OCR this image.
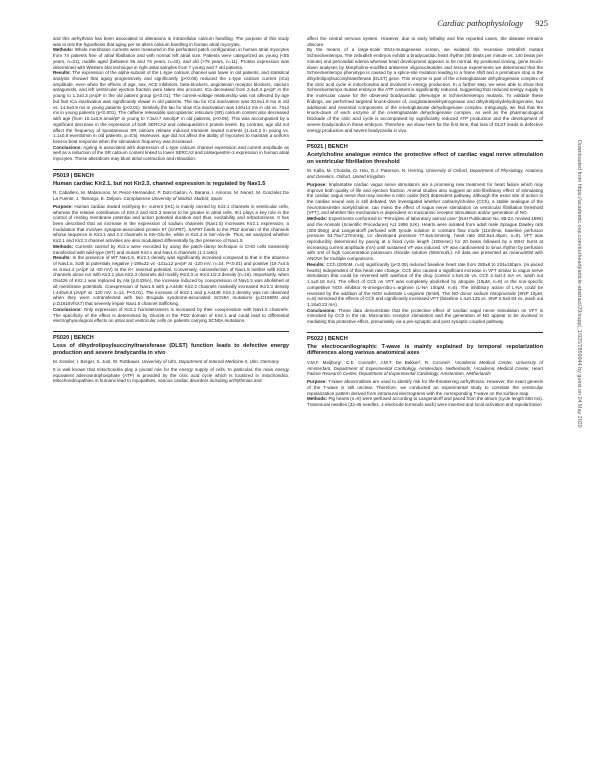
Cardiac pathophysiology 925
Downloaded from https://academic.oup.com/eurheartj/article-abstract/29/suppl_1/925/2859944 by guest on 24 May 2020

and this arrhythmia has been associated to alterations in intracellular calcium handling. The purpose of this study was to test the hypothesis that aging per se alters calcium handling in human atrial myocytes.

Methods: Whole membrane currents were measured in the perforated patch configuration in human atrial myocytes from 74 patients free of atrial fibrillation and with normal left atrial size. Patients were categorized as young (<55 years, n=21), middle aged (between 55 and 75 years, n=42), and old (>75 years, n=11). Protein expression was determined with Western blot technique in right atrial samples from 7 young and 7 old patients.

Results: The expression of the alpha-subunit of the L-type calcium channel was lower in old patients, and statistical analysis showed that aging progressively and significantly (p<0.05) reduced the L-type calcium current (ICa) amplitude, even when the effects of age, sex, ACE inhibitors, beta-blockers, angiotensin receptor blockers, calcium antagonists, and left ventricular ejection fraction were taken into account. ICa decreased from 2.4±0.3 pA/pF in the young to 1.2±0.3 pA/pF in the old patient group (p<0.01). The current-voltage relationship was not affected by age but fast ICa inactivation was significantly slower in old patients. The tau for ICa inactivation was 20.9±1.9 ms in old vs. 14.5±0.9 ms in young patients (p<0.01). Similarly the tau for slow ICa inactivation was 130±12 ms in old vs. 73±3 ms in young patients (p<0.001). The caffeine releasable sarcoplasmic reticulum (SR) calcium content also decreased with age (from 10.1±0.8 amol/pF in young to 7.3±0.7 amol/pF in old patients, p<0.05). This was accompanied by a significant decrease in the expression of both SERCA2 and calsequestrin-2 protein levels. By contrast, age did not affect the frequency of spontaneous SR calcium release induced transient inward currents (1.4±0.3 in young vs. 1.1±0.8 events/min in old patients, p=0.5). Moreover, age did not affect the ability of myocytes to maintain a uniform beat-to-beat response when the stimulation frequency was increased.

Conclusions: Ageing is associated with depression of L-type calcium channel expression and current amplitude as well as a reduction of the SR calcium content linked to lower SERCA2 and calsequestrin-2 expression in human atrial myocytes. These alterations may blunt atrial contraction and relaxation.

P5019 | BENCH
Human cardiac Kir2.1, but not Kir2.3, channel expression is regulated by Nav1.5

R. Caballero, M. Matamoros, M. Perez-Hernandez, P. Dolz-Gaiton, A. Barana, I. Amoros, M. Nunez, M. Gonzalez De La Fuente, J. Tamargo, E. Delpon. Complutense University of Madrid, Madrid, Spain

Purpose: Human cardiac inward rectifying K+ current (IK1) is mainly carried by Kir2.1 channels in ventricular cells, whereas the relative contribution of Kir2.2 and Kir2.3 seems to be greater in atrial cells. IK1 plays a key role in the control of resting membrane potential and action potential duration and thus, excitability and refractoriness. It has been described that an increase in the expression of sodium channels (Nav1.5) increases Kir2.1 expression, a modulation that involves synapse-associated protein 97 (SAP97). SAP97 binds to the PDZ domain of the channels whose sequence in Kir2.1 and 2.2 channels is Ser-Glu-Ile, while in Kir2.3 is Ser-Ala-Ile. Thus, we analyzed whether Kir2.1 and Kir2.3 channel activities are also modulated differentially by the presence of Nav1.5.

Methods: Currents carried by Kir2.x were recorded by using the patch-clamp technique in CHO cells transiently transfected with wild-type (WT) and mutant Kir2.x and Nav1.5 channels (1:1 ratio).

Results: In the presence of WT Nav1.5, IKir2.1 density was significantly increased compared to that in the absence of Nav1.5, both at potentials negative (-199±22 vs -121±12 pA/pF at -120 mV, n=24, P<0.01) and positive (19.7±4.5 vs 8.8±1.2 pA/pF at -50 mV) to the K+ reversal potential. Conversely, cotransfection of Nav1.5 neither with Kir2.3 channels alone nor with Kir2.1 plus Kir2.3 channels did modify IKir2.3 or IKir2.1/2.3 density (n=16). Importantly, when Glu426 of Kir2.1 was replaced by Ala (p.E426A), the increase induced by coexpression of Nav1.5 was abolished at all membrane potentials. Coexpression of Nav1.5 with p.A444E Kir2.3 channels markedly increased IKir2.3 density (-440±5.8 pA/pF at -120 mV, n=12, P<0.01). The increase of IKir2.1 and p.A444E Kir2.3 density was not observed when they were cotransfected with two Brugada syndrome-associated SCN5A mutations (p.D1690N and p.D1816VfsX7) that severely impair Nav1.5 channel trafficking.

Conclusions: Only expression of Kir2.1 homotetramers is increased by their coexpression with Nav1.5 channels. The specificity of the effect is determined by Glu426 in the PDZ domain of Kir2.1 and could lead to differential electrophysiological effects on atrial and ventricular cells on patients carrying SCN5A mutations.

P5020 | BENCH
Loss of dihydrolipoylsuccinyltransferase (DLST) function leads to defective energy production and severe bradycardia in vivo

M. Kessler, I. Berger, S. Just, W. Rottbauer. University of Ulm, Department of Internal Medicine II, Ulm, Germany

It is well known that mitochondria play a pivotal role for the energy supply of cells. In particular, the main energy equivalent adenosintriphosphate (ATP) is provided by the citric acid cycle which is localized in mitochondria. Mitochondriopathies in humans lead to myopathies, various cardiac disorders including arrhythmias and

affect the central nervous system. However, due to early lethality and few reported cases, the disease remains obscure.

By the means of a large-scale ENU-mutagenesis screen, we isolated the recessive zebrafish mutant Schneckentempo. The zebrafish embryos exhibit a bradycardiac heart rhythm (80 beats per minute vs. 140 beats per minute) and pericardial edema whereas heart development appears to be normal. By positional cloning, gene knock-down analyses by Morpholino-modified antisense oligonucleotides and rescue experiments we determined that the Schneckentempo phenotype is caused by a splice-site mutation leading to a frame shift and a premature stop in the dihydrolipoylsuccinyltransferase (DLST) gene. This enzyme is part of the α-ketoglutarate dehydrogenase complex of the citric acid cycle in mitochondria and involved in energy production. In a further step, we were able to show that Schneckentempo mutant embryos the ATP content is significantly reduced, suggesting that reduced energy supply is the molecular cause for the observed bradycardiac phenotype in Schneckentempo mutants. To validate these findings, we performed targeted knock-downs of, oxoglutaratedehydrogenase and dihydrolipolydehydrogenase, two additional and essential components of the α-ketoglutarate dehydrogenase complex. Intriguingly, we find that the knock-down of each enzyme of the α-ketoglutarate dehydrogenase complex, as well as the pharmacological blockade of the citric acid cycle is accompanied by significantly reduced ATP production and the development of severe bradycardia in these embryos. Therefore, we show here for the first time, that loss of DLST leads to defective energy production and severe bradycardia in vivo.

P5021 | BENCH
Acetylcholine analogue mimics the protective effect of cardiac vagal nerve stimulation on ventricular fibrillation threshold

M. Kalla, M. Chotalia, O. Hao, D.J. Paterson, N. Herring. University of Oxford, Department of Physiology, Anatomy and Genetics, Oxford, United Kingdom

Purpose: Implantable cardiac vagus nerve stimulators are a promising new treatment for heart failure which may improve both quality of life and ejection fraction. Animal studies also suggest an anti-fibrillatory effect of stimulating the cardiac vagus nerve that may involve a nitric oxide (NO) dependent pathway, although the exact site of action in the cardiac neural axis is still debated. We investigated whether carbamylcholine (CCh), a stable analogue of the neurotransmitter acetylcholine, can mimic the effect of vagus nerve stimulation on ventricular fibrillation threshold (VFT), and whether this mechanism is dependent on muscarinic receptor stimulation and/or generation of NO.

Methods: Experiments conformed to "Principles of laboratory animal care" (NIH Publication No. 85-23, revised 1996) and the Animals (Scientific Procedures) Act 1986 (UK). Hearts were isolated from adult male Sprague Dawley rats (300-350g) and Langendorff perfused with tyrode solution in constant flow mode (11ml/min, baseline perfusion pressure 54.75±7.27mmHg, LV developed pressure 77.5±5.6mmHg, heart rate 282.8±3.4bpm, n=8). VFT was reproducibly determined by pacing at a fixed cycle length (150msec) for 20 beats followed by a 50Hz burst at increasing current amplitude (mA) until sustained VF was induced. VF was cardioverted to sinus rhythm by perfusion with 1ml of high concentration potassium chloride solution (50mmol/L). All data are presented as mean±SEM with ANOVA for multiple comparisons.

Results: CCh (200nM, n=8) significantly (p<0.05) reduced baseline heart rate from 280±8 to 224±16bpm. (In paced hearts) Independent of this heart rate change, CCh also caused a significant increase in VFT similar to vagus nerve stimulation that could be reversed with washout of the drug (control 1.5±0.25 vs. CCh 2.4±0.4 mA vs. wash out 1.1±0.18 mA). The effect of CCh on VFT was completely abolished by atropine (10μM, n=8) or the non-specific competitive NOS inhibitor N-omega-nitro-L-arginine (L-NA 100μM, n=8). The inhibitory action of L-NA could be reversed by the addition of the NOS substrate L-arginine (5mM). The NO donor sodium nitroprusside (SNP 10μM, n=8) mimicked the effects of CCh and significantly increased VFT (baseline 1.4±0.125 vs. SNP 2.9±0.83 vs. wash out 1.18±0.23 mA).

Conclusions: These data demonstrate that the protective effect of cardiac vagal nerve stimulation on VFT is mimicked by CCh in the rat. Muscarinic receptor stimulation and the generation of NO appear to be involved in mediating this protective effect, presumably via a pre-synaptic and post synaptic coupled pathway.

P5022 | BENCH
The electrocardiographic T-wave is mainly explained by temporal repolarization differences along various anatomical axes

V.M.F. Meijborg¹, C.E. Conrath¹, J.M.T. De Bakker², R. Coronel¹. ¹Academic Medical Center, University of Amsterdam, Department of Experimental Cardiology, Amsterdam, Netherlands; ²Academic Medical Center, Heart Failure Research Center, Department of Experimental Cardiology, Amsterdam, Netherlands

Purpose: T-wave abnormalities are used to identify risk for life-threatening arrhythmias. However, the exact genesis of the T-wave is still unclear. Therefore, we conducted an experimental study to correlate the ventricular repolarization pattern derived from intramural electrograms with the corresponding T-wave on the surface map.

Methods: Pig hearts (n=9) were perfused according to Langendorff and paced from the atrium (cycle length 650 ms). Transmural needles (32-45 needles, 4 electrode terminals each) were inserted and local activation and repolarization
